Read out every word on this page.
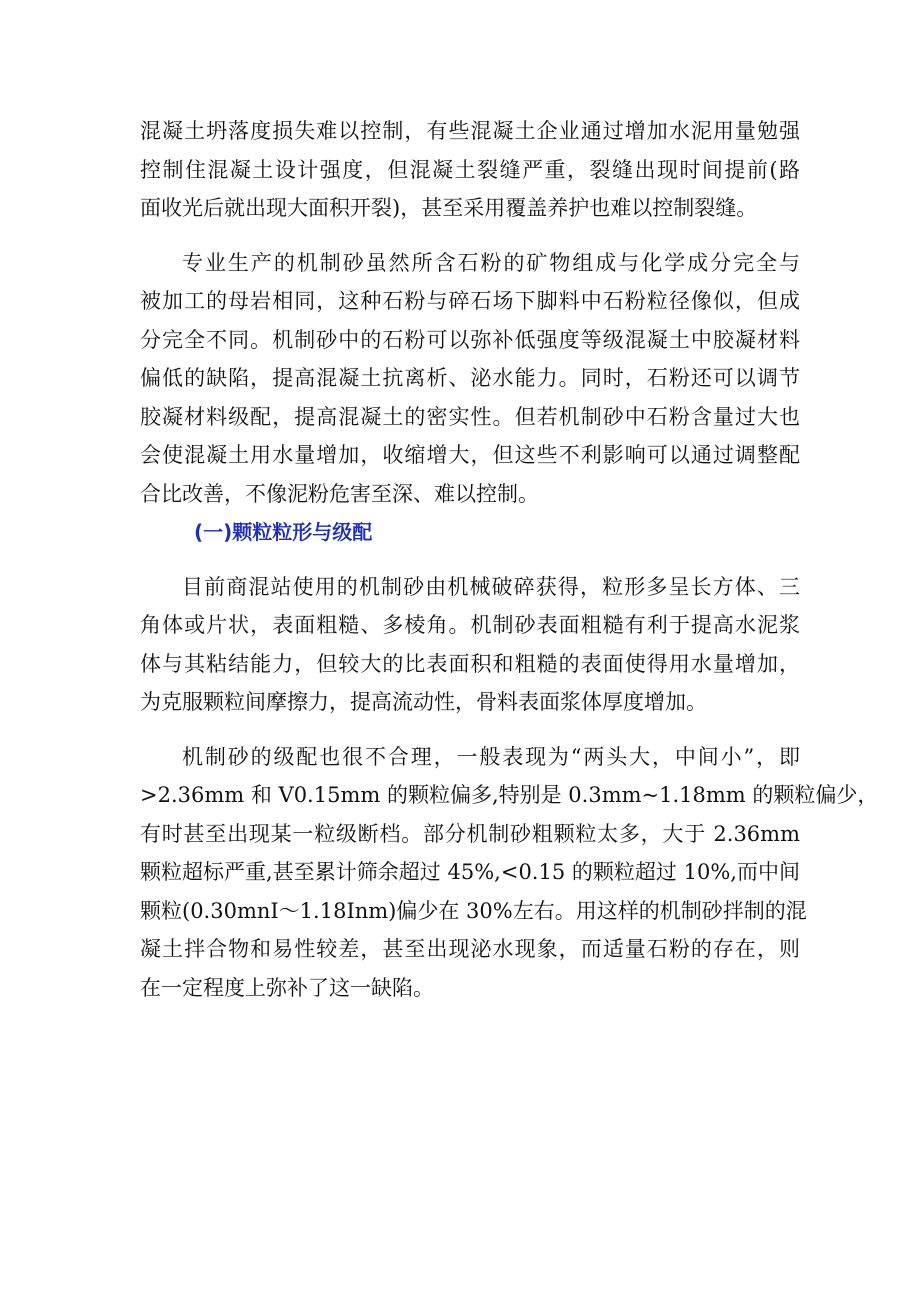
混凝土坍落度损失难以控制，有些混凝土企业通过增加水泥用量勉强
控制住混凝土设计强度，但混凝土裂缝严重，裂缝出现时间提前(路
面收光后就出现大面积开裂)，甚至采用覆盖养护也难以控制裂缝。

专业生产的机制砂虽然所含石粉的矿物组成与化学成分完全与
被加工的母岩相同，这种石粉与碎石场下脚料中石粉粒径像似，但成
分完全不同。机制砂中的石粉可以弥补低强度等级混凝土中胶凝材料
偏低的缺陷，提高混凝土抗离析、泌水能力。同时，石粉还可以调节
胶凝材料级配，提高混凝土的密实性。但若机制砂中石粉含量过大也
会使混凝土用水量增加，收缩增大，但这些不利影响可以通过调整配
合比改善，不像泥粉危害至深、难以控制。

(一)颗粒粒形与级配

目前商混站使用的机制砂由机械破碎获得，粒形多呈长方体、三
角体或片状，表面粗糙、多棱角。机制砂表面粗糙有利于提高水泥浆
体与其粘结能力，但较大的比表面积和粗糙的表面使得用水量增加，
为克服颗粒间摩擦力，提高流动性，骨料表面浆体厚度增加。

机制砂的级配也很不合理，一般表现为“两头大，中间小”，即
>2.36mm 和 V0.15mm 的颗粒偏多,特别是 0.3mm~1.18mm 的颗粒偏少，
有时甚至出现某一粒级断档。部分机制砂粗颗粒太多，大于 2.36mm
颗粒超标严重,甚至累计筛余超过 45%,<0.15 的颗粒超过 10%,而中间
颗粒(0.30mnI～1.18Inm)偏少在 30%左右。用这样的机制砂拌制的混
凝土拌合物和易性较差，甚至出现泌水现象，而适量石粉的存在，则
在一定程度上弥补了这一缺陷。
